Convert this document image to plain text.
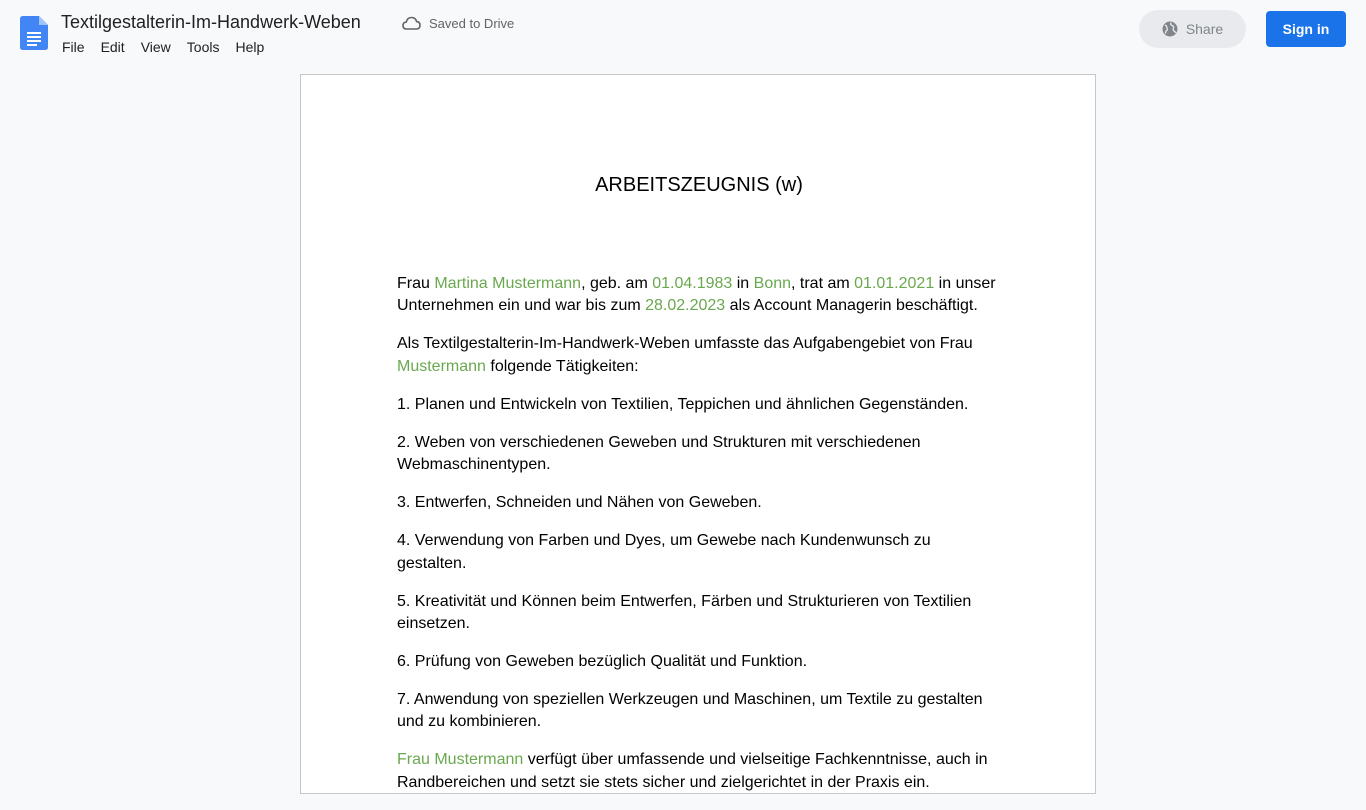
Textilgestalterin-Im-Handwerk-Weben	Saved to Drive
File	Edit	View	Tools	Help
Share	Sign in
ARBEITSZEUGNIS (w)

Frau Martina Mustermann, geb. am 01.04.1983 in Bonn, trat am 01.01.2021 in unser Unternehmen ein und war bis zum 28.02.2023 als Account Managerin beschäftigt.

Als Textilgestalterin-Im-Handwerk-Weben umfasste das Aufgabengebiet von Frau Mustermann folgende Tätigkeiten:

1. Planen und Entwickeln von Textilien, Teppichen und ähnlichen Gegenständen.

2. Weben von verschiedenen Geweben und Strukturen mit verschiedenen Webmaschinentypen.

3. Entwerfen, Schneiden und Nähen von Geweben.

4. Verwendung von Farben und Dyes, um Gewebe nach Kundenwunsch zu gestalten.

5. Kreativität und Können beim Entwerfen, Färben und Strukturieren von Textilien einsetzen.

6. Prüfung von Geweben bezüglich Qualität und Funktion.

7. Anwendung von speziellen Werkzeugen und Maschinen, um Textile zu gestalten und zu kombinieren.

Frau Mustermann verfügt über umfassende und vielseitige Fachkenntnisse, auch in Randbereichen und setzt sie stets sicher und zielgerichtet in der Praxis ein.
